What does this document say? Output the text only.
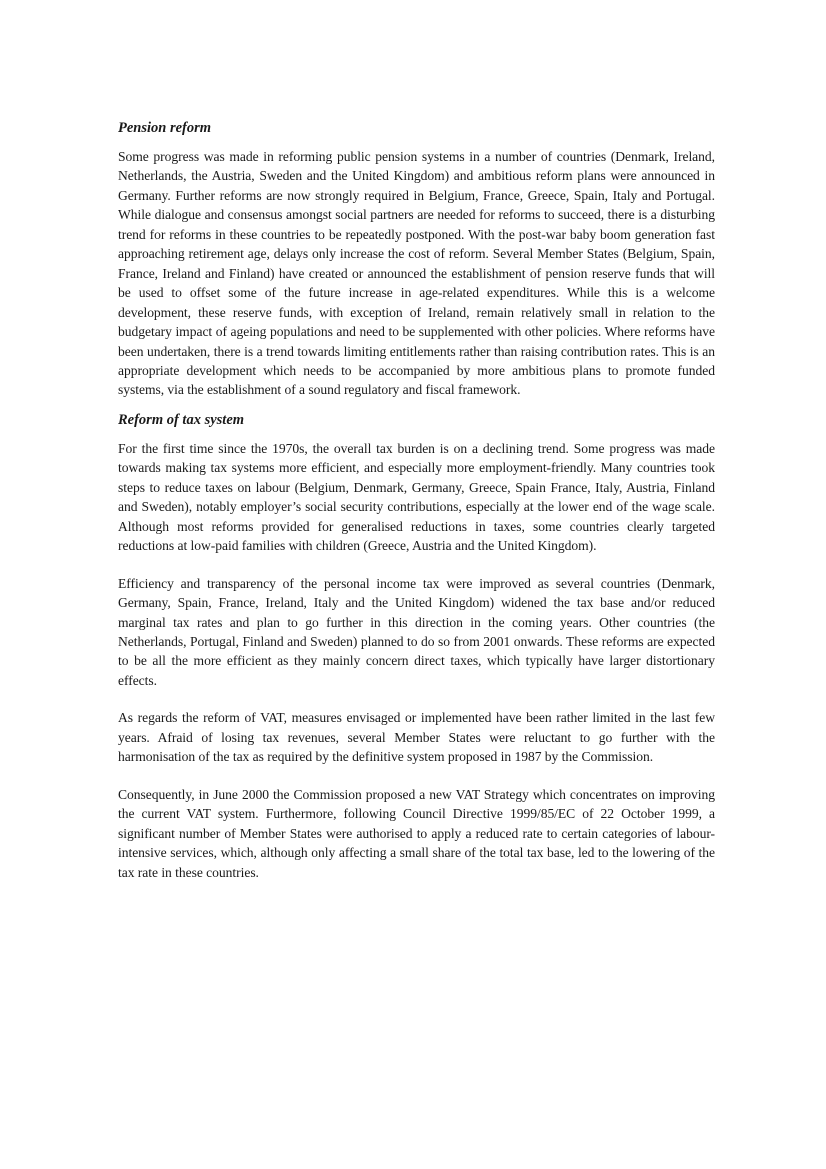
Pension reform

Some progress was made in reforming public pension systems in a number of countries (Denmark, Ireland, Netherlands, the Austria, Sweden and the United Kingdom) and ambitious reform plans were announced in Germany. Further reforms are now strongly required in Belgium, France, Greece, Spain, Italy and Portugal. While dialogue and consensus amongst social partners are needed for reforms to succeed, there is a disturbing trend for reforms in these countries to be repeatedly postponed. With the post-war baby boom generation fast approaching retirement age, delays only increase the cost of reform. Several Member States (Belgium, Spain, France, Ireland and Finland) have created or announced the establishment of pension reserve funds that will be used to offset some of the future increase in age-related expenditures. While this is a welcome development, these reserve funds, with exception of Ireland, remain relatively small in relation to the budgetary impact of ageing populations and need to be supplemented with other policies. Where reforms have been undertaken, there is a trend towards limiting entitlements rather than raising contribution rates. This is an appropriate development which needs to be accompanied by more ambitious plans to promote funded systems, via the establishment of a sound regulatory and fiscal framework.

Reform of tax system

For the first time since the 1970s, the overall tax burden is on a declining trend. Some progress was made towards making tax systems more efficient, and especially more employment-friendly. Many countries took steps to reduce taxes on labour (Belgium, Denmark, Germany, Greece, Spain France, Italy, Austria, Finland and Sweden), notably employer’s social security contributions, especially at the lower end of the wage scale. Although most reforms provided for generalised reductions in taxes, some countries clearly targeted reductions at low-paid families with children (Greece, Austria and the United Kingdom).

Efficiency and transparency of the personal income tax were improved as several countries (Denmark, Germany, Spain, France, Ireland, Italy and the United Kingdom) widened the tax base and/or reduced marginal tax rates and plan to go further in this direction in the coming years. Other countries (the Netherlands, Portugal, Finland and Sweden) planned to do so from 2001 onwards. These reforms are expected to be all the more efficient as they mainly concern direct taxes, which typically have larger distortionary effects.

As regards the reform of VAT, measures envisaged or implemented have been rather limited in the last few years. Afraid of losing tax revenues, several Member States were reluctant to go further with the harmonisation of the tax as required by the definitive system proposed in 1987 by the Commission.

Consequently, in June 2000 the Commission proposed a new VAT Strategy which concentrates on improving the current VAT system. Furthermore, following Council Directive 1999/85/EC of 22 October 1999, a significant number of Member States were authorised to apply a reduced rate to certain categories of labour-intensive services, which, although only affecting a small share of the total tax base, led to the lowering of the tax rate in these countries.
